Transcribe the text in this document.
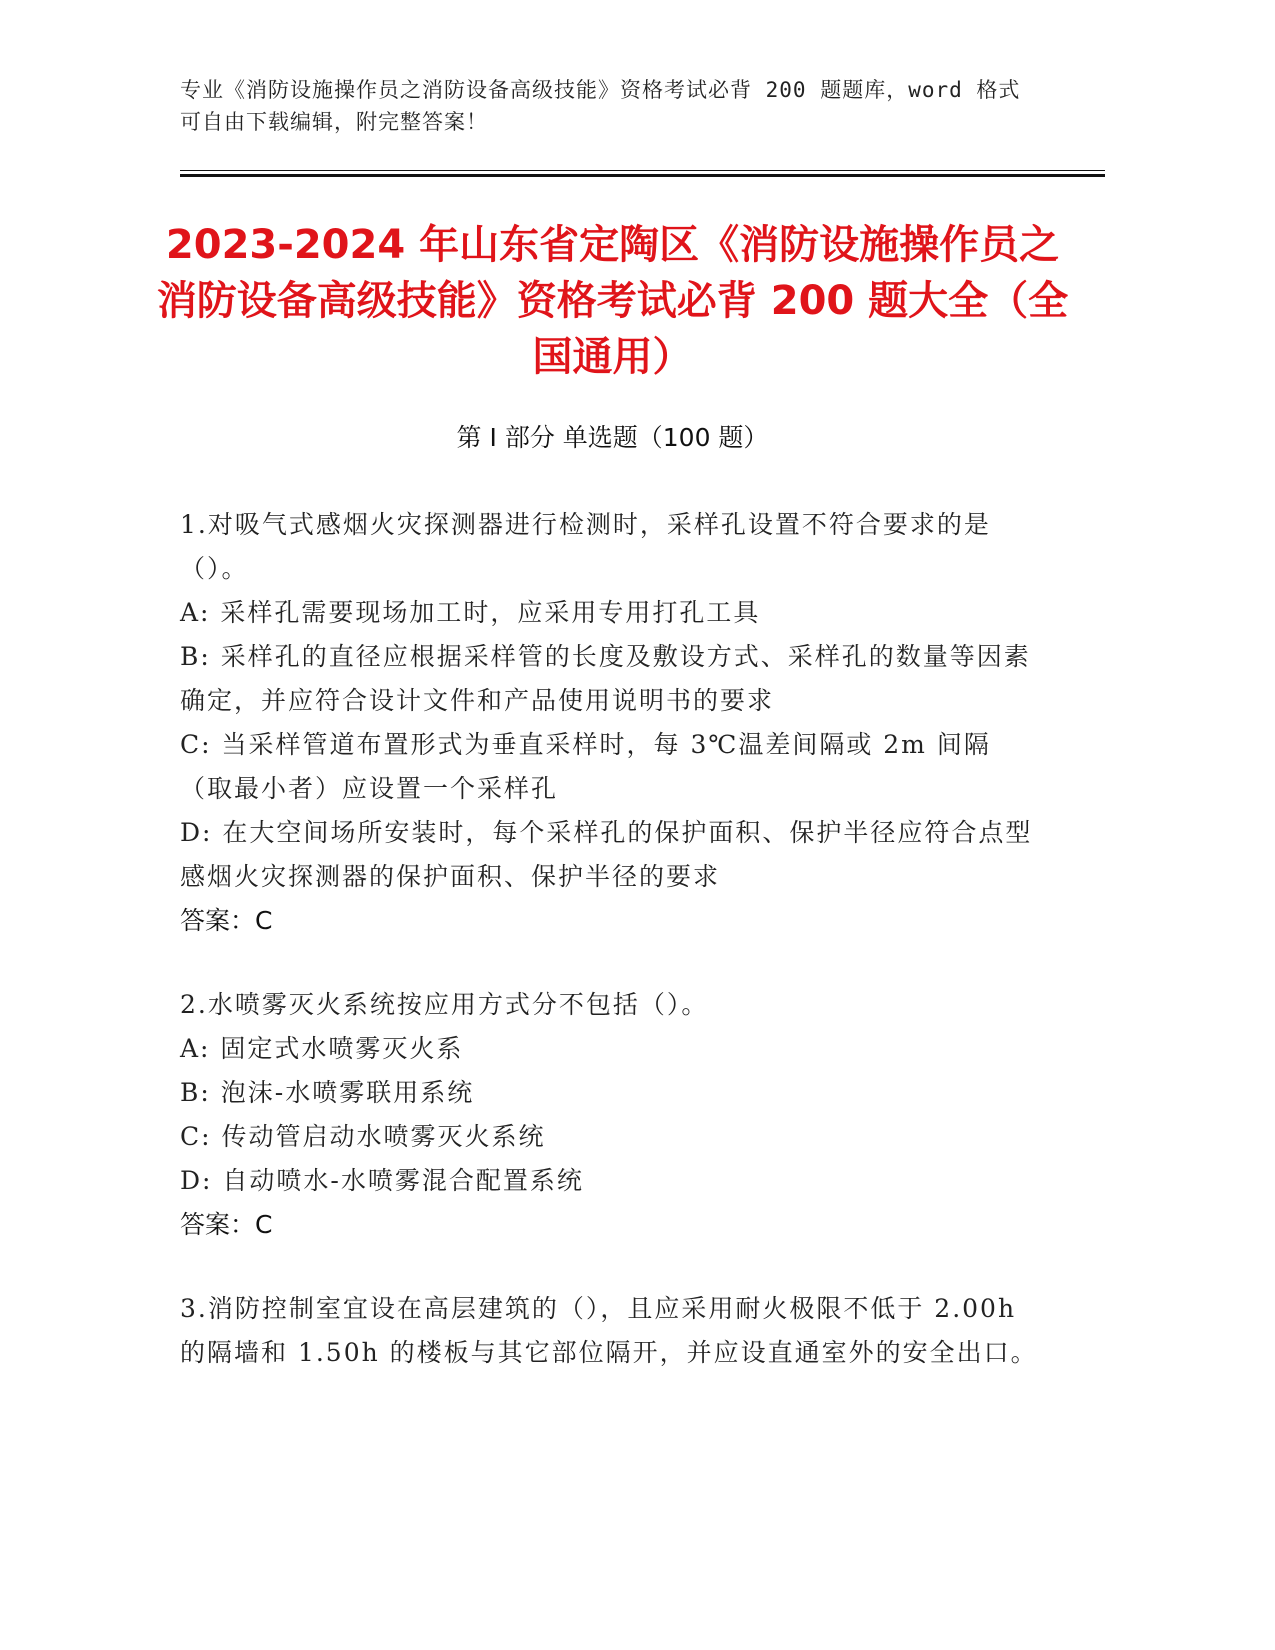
专业《消防设施操作员之消防设备高级技能》资格考试必背 200 题题库，word 格式可自由下载编辑，附完整答案！
2023-2024 年山东省定陶区《消防设施操作员之消防设备高级技能》资格考试必背 200 题大全（全国通用）
第 I 部分 单选题（100 题）
1.对吸气式感烟火灾探测器进行检测时，采样孔设置不符合要求的是（）。
A: 采样孔需要现场加工时，应采用专用打孔工具
B: 采样孔的直径应根据采样管的长度及敷设方式、采样孔的数量等因素确定，并应符合设计文件和产品使用说明书的要求
C: 当采样管道布置形式为垂直采样时，每 3℃温差间隔或 2m 间隔（取最小者）应设置一个采样孔
D: 在大空间场所安装时，每个采样孔的保护面积、保护半径应符合点型感烟火灾探测器的保护面积、保护半径的要求
答案：C
2.水喷雾灭火系统按应用方式分不包括（）。
A: 固定式水喷雾灭火系
B: 泡沫-水喷雾联用系统
C: 传动管启动水喷雾灭火系统
D: 自动喷水-水喷雾混合配置系统
答案：C
3.消防控制室宜设在高层建筑的（），且应采用耐火极限不低于 2.00h 的隔墙和 1.50h 的楼板与其它部位隔开，并应设直通室外的安全出口。
